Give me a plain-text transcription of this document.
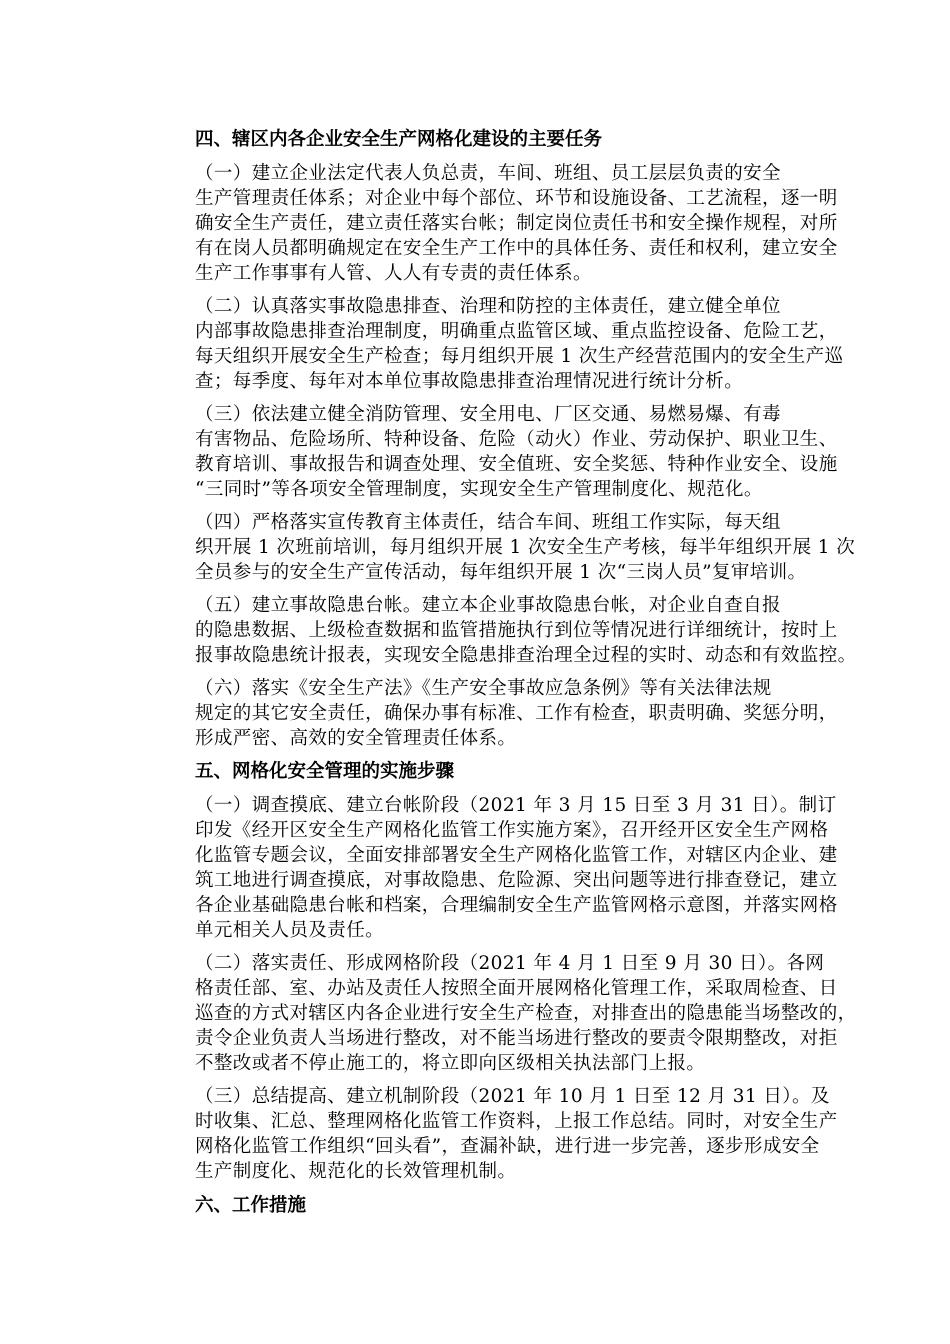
四、辖区内各企业安全生产网格化建设的主要任务

（一）建立企业法定代表人负总责，车间、班组、员工层层负责的安全
生产管理责任体系；对企业中每个部位、环节和设施设备、工艺流程，逐一明
确安全生产责任，建立责任落实台帐；制定岗位责任书和安全操作规程，对所
有在岗人员都明确规定在安全生产工作中的具体任务、责任和权利，建立安全
生产工作事事有人管、人人有专责的责任体系。

（二）认真落实事故隐患排查、治理和防控的主体责任，建立健全单位
内部事故隐患排查治理制度，明确重点监管区域、重点监控设备、危险工艺，
每天组织开展安全生产检查；每月组织开展 1 次生产经营范围内的安全生产巡
查；每季度、每年对本单位事故隐患排查治理情况进行统计分析。

（三）依法建立健全消防管理、安全用电、厂区交通、易燃易爆、有毒
有害物品、危险场所、特种设备、危险（动火）作业、劳动保护、职业卫生、
教育培训、事故报告和调查处理、安全值班、安全奖惩、特种作业安全、设施
“三同时”等各项安全管理制度，实现安全生产管理制度化、规范化。

（四）严格落实宣传教育主体责任，结合车间、班组工作实际，每天组
织开展 1 次班前培训，每月组织开展 1 次安全生产考核，每半年组织开展 1 次
全员参与的安全生产宣传活动，每年组织开展 1 次“三岗人员”复审培训。

（五）建立事故隐患台帐。建立本企业事故隐患台帐，对企业自查自报
的隐患数据、上级检查数据和监管措施执行到位等情况进行详细统计，按时上
报事故隐患统计报表，实现安全隐患排查治理全过程的实时、动态和有效监控。

（六）落实《安全生产法》《生产安全事故应急条例》等有关法律法规
规定的其它安全责任，确保办事有标准、工作有检查，职责明确、奖惩分明，
形成严密、高效的安全管理责任体系。

五、网格化安全管理的实施步骤

（一）调查摸底、建立台帐阶段（2021 年 3 月 15 日至 3 月 31 日）。制订
印发《经开区安全生产网格化监管工作实施方案》，召开经开区安全生产网格
化监管专题会议，全面安排部署安全生产网格化监管工作，对辖区内企业、建
筑工地进行调查摸底，对事故隐患、危险源、突出问题等进行排查登记，建立
各企业基础隐患台帐和档案，合理编制安全生产监管网格示意图，并落实网格
单元相关人员及责任。

（二）落实责任、形成网格阶段（2021 年 4 月 1 日至 9 月 30 日）。各网
格责任部、室、办站及责任人按照全面开展网格化管理工作，采取周检查、日
巡查的方式对辖区内各企业进行安全生产检查，对排查出的隐患能当场整改的，
责令企业负责人当场进行整改，对不能当场进行整改的要责令限期整改，对拒
不整改或者不停止施工的，将立即向区级相关执法部门上报。

（三）总结提高、建立机制阶段（2021 年 10 月 1 日至 12 月 31 日）。及
时收集、汇总、整理网格化监管工作资料，上报工作总结。同时，对安全生产
网格化监管工作组织“回头看”，查漏补缺，进行进一步完善，逐步形成安全
生产制度化、规范化的长效管理机制。

六、工作措施
